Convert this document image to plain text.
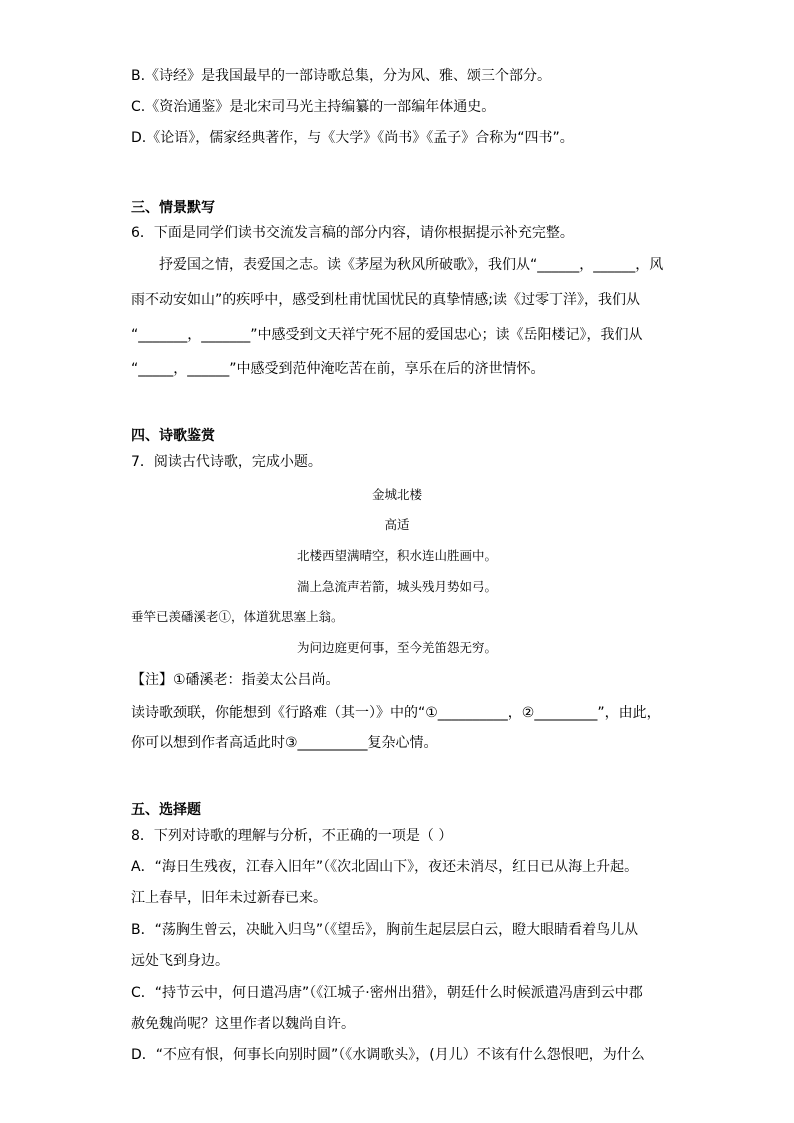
B.《诗经》是我国最早的一部诗歌总集，分为风、雅、颂三个部分。
C.《资治通鉴》是北宋司马光主持编纂的一部编年体通史。
D.《论语》，儒家经典著作，与《大学》《尚书》《孟子》合称为“四书”。
三、情景默写
6．下面是同学们读书交流发言稿的部分内容，请你根据提示补充完整。
抒爱国之情，表爱国之志。读《茅屋为秋风所破歌》，我们从“______，______，风
雨不动安如山”的疾呼中，感受到杜甫忧国忧民的真挚情感;读《过零丁洋》，我们从
“_______，_______”中感受到文天祥宁死不屈的爱国忠心；读《岳阳楼记》，我们从
“_____，______”中感受到范仲淹吃苦在前，享乐在后的济世情怀。
四、诗歌鉴赏
7．阅读古代诗歌，完成小题。
金城北楼
高适
北楼西望满晴空，积水连山胜画中。
湍上急流声若箭，城头残月势如弓。
垂竿已羡磻溪老①，体道犹思塞上翁。
为问边庭更何事，至今羌笛怨无穷。
【注】①磻溪老：指姜太公吕尚。
读诗歌颈联，你能想到《行路难（其一）》中的“①__________，②_________”，由此，
你可以想到作者高适此时③__________复杂心情。
五、选择题
8．下列对诗歌的理解与分析，不正确的一项是（ ）
A．“海日生残夜，江春入旧年”（《次北固山下》，夜还未消尽，红日已从海上升起。
江上春早，旧年未过新春已来。
B．“荡胸生曾云，决眦入归鸟”（《望岳》，胸前生起层层白云，瞪大眼睛看着鸟儿从
远处飞到身边。
C．“持节云中，何日遣冯唐”（《江城子·密州出猎》，朝廷什么时候派遣冯唐到云中郡
赦免魏尚呢？这里作者以魏尚自许。
D．“不应有恨，何事长向别时圆”（《水调歌头》，(月儿）不该有什么怨恨吧，为什么
